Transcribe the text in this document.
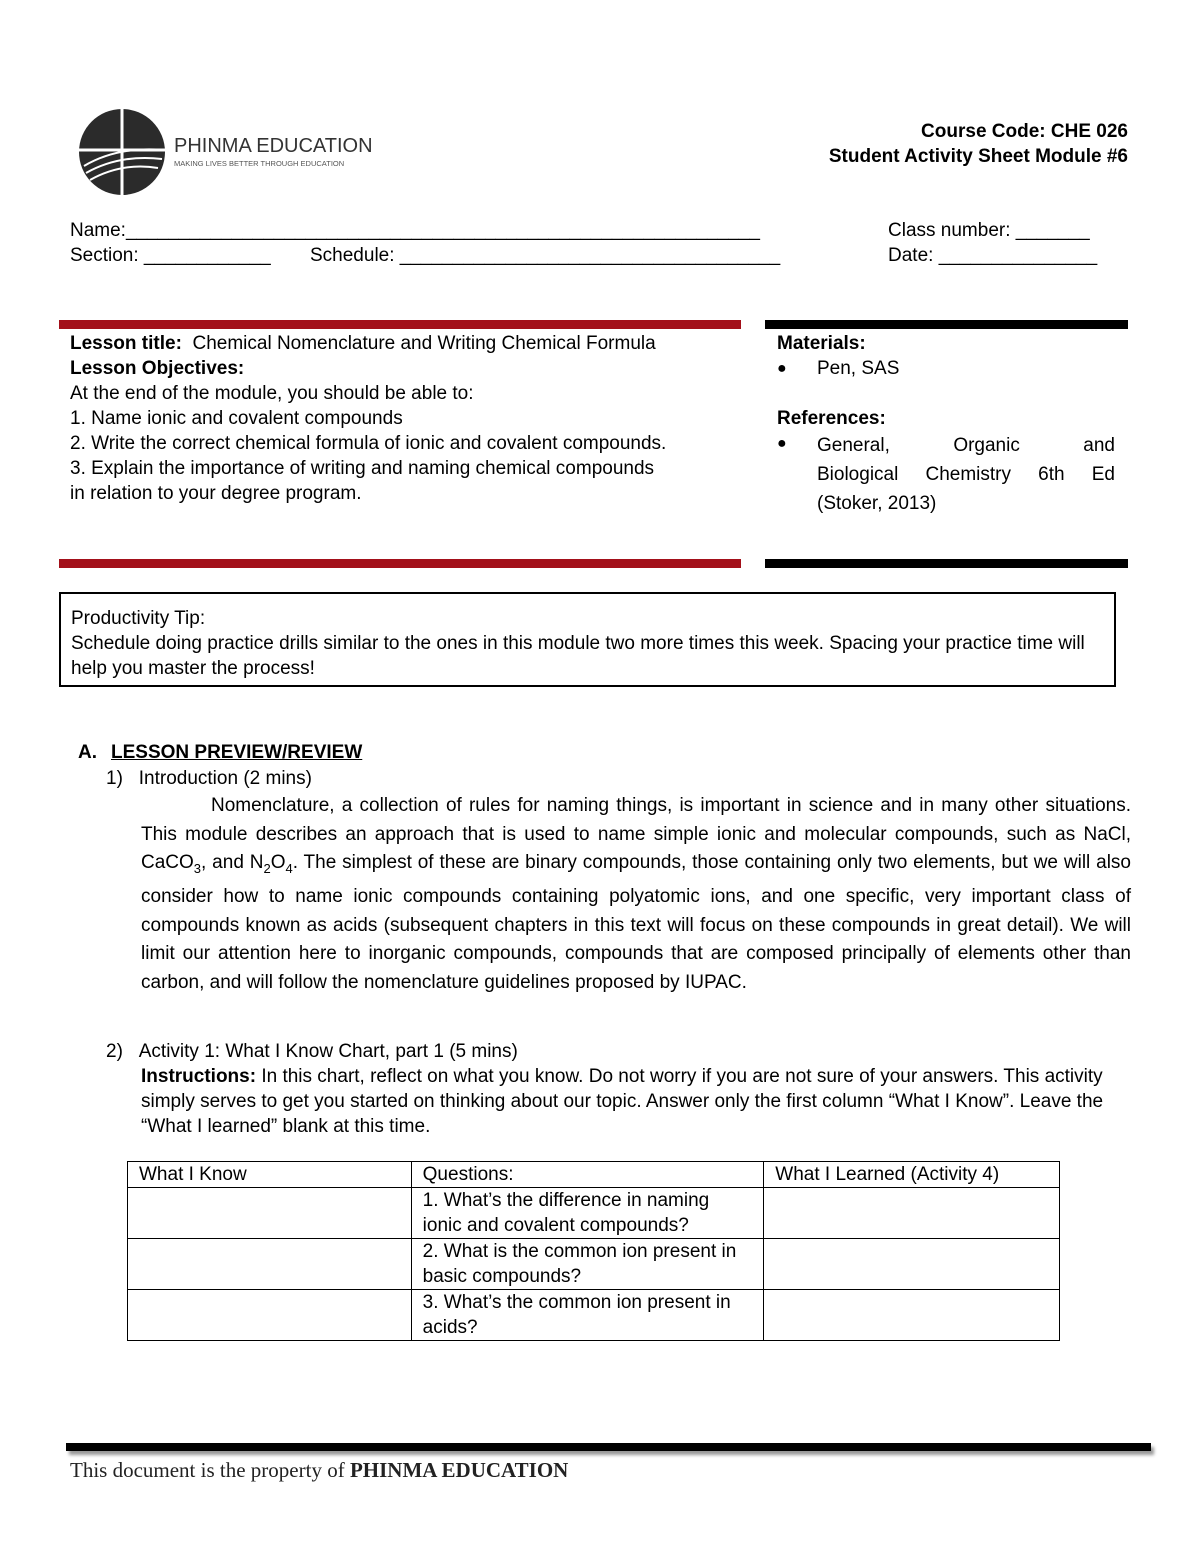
PHINMA EDUCATION
MAKING LIVES BETTER THROUGH EDUCATION
Course Code: CHE 026
Student Activity Sheet Module #6
Name:____________________________________________________________	Class number: _______
Section: ____________ Schedule: ____________________________________	Date: _______________
Lesson title: Chemical Nomenclature and Writing Chemical Formula
Lesson Objectives:
At the end of the module, you should be able to:
1. Name ionic and covalent compounds
2. Write the correct chemical formula of ionic and covalent compounds.
3. Explain the importance of writing and naming chemical compounds in relation to your degree program.
Materials:
●	Pen, SAS
References:
●	General, Organic and
Biological Chemistry 6th Ed
(Stoker, 2013)
Productivity Tip:
Schedule doing practice drills similar to the ones in this module two more times this week. Spacing your practice time will help you master the process!
A. LESSON PREVIEW/REVIEW
1) Introduction (2 mins)
Nomenclature, a collection of rules for naming things, is important in science and in many other situations. This module describes an approach that is used to name simple ionic and molecular compounds, such as NaCl, CaCO$_3$, and $N_2O_4$. The simplest of these are binary compounds, those containing only two elements, but we will also consider how to name ionic compounds containing polyatomic ions, and one specific, very important class of compounds known as acids (subsequent chapters in this text will focus on these compounds in great detail). We will limit our attention here to inorganic compounds, compounds that are composed principally of elements other than carbon, and will follow the nomenclature guidelines proposed by IUPAC.
2) Activity 1: What I Know Chart, part 1 (5 mins)
Instructions: In this chart, reflect on what you know. Do not worry if you are not sure of your answers. This activity simply serves to get you started on thinking about our topic. Answer only the first column “What I Know”. Leave the “What I learned” blank at this time.
What I Know	Questions:	What I Learned (Activity 4)
	1. What’s the difference in naming ionic and covalent compounds?	
	2. What is the common ion present in basic compounds?	
	3. What’s the common ion present in acids?	
This document is the property of PHINMA EDUCATION
